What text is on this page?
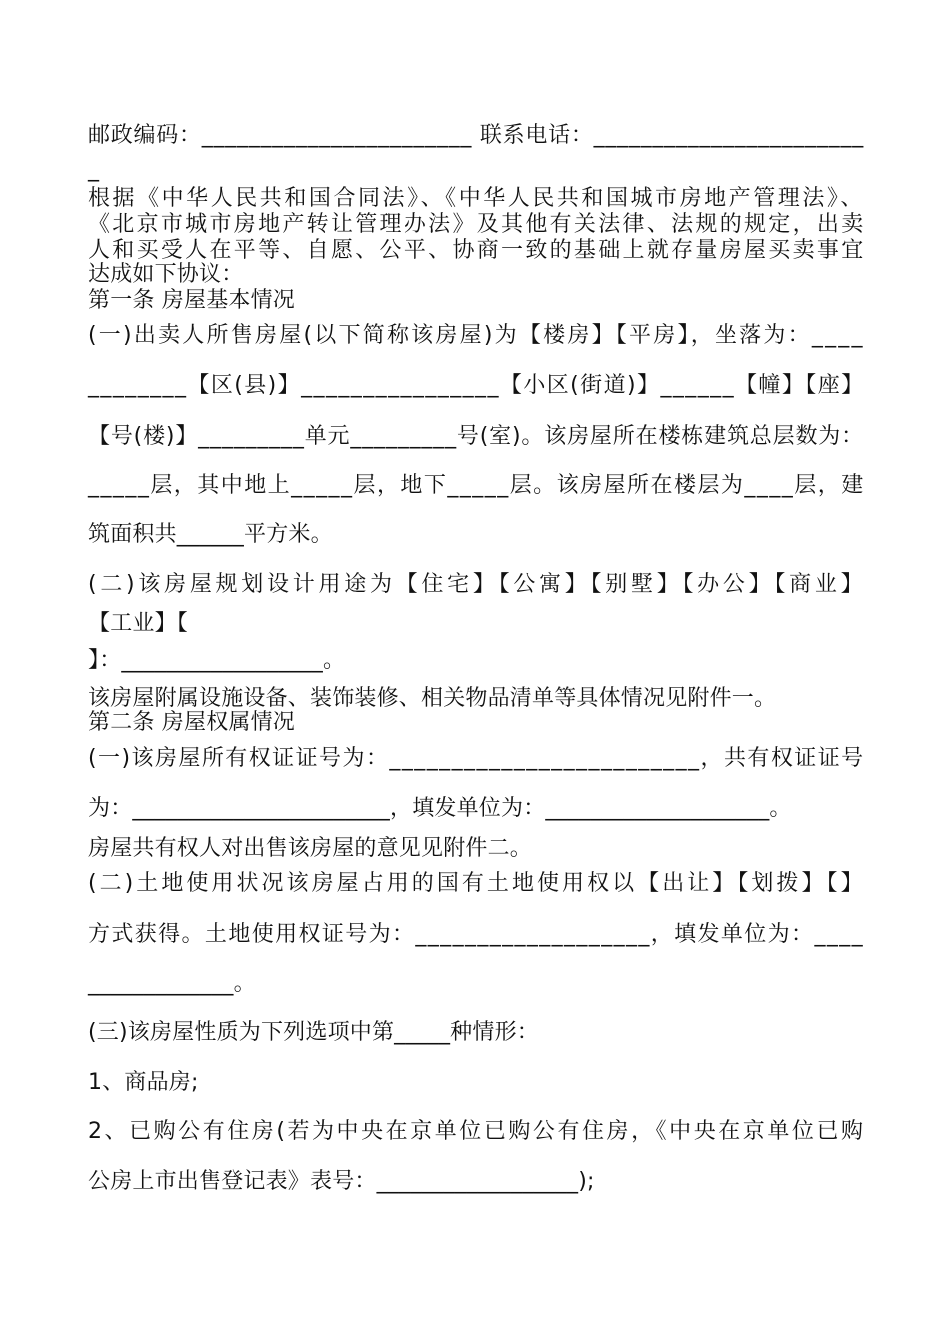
邮政编码：_______________________ 联系电话：_______________________
_
根据《中华人民共和国合同法》、《中华人民共和国城市房地产管理法》、
《北京市城市房地产转让管理办法》及其他有关法律、法规的规定，出卖
人和买受人在平等、自愿、公平、协商一致的基础上就存量房屋买卖事宜
达成如下协议：
第一条 房屋基本情况
(一)出卖人所售房屋(以下简称该房屋)为【楼房】【平房】，坐落为：____
________【区(县)】________________【小区(街道)】______【幢】【座】
【号(楼)】_________单元_________号(室)。该房屋所在楼栋建筑总层数为：
_____层，其中地上_____层，地下_____层。该房屋所在楼层为____层，建
筑面积共______平方米。
(二)该房屋规划设计用途为【住宅】【公寓】【别墅】【办公】【商业】
【工业】【
】：__________________。
该房屋附属设施设备、装饰装修、相关物品清单等具体情况见附件一。
第二条 房屋权属情况
(一)该房屋所有权证证号为：_________________________，共有权证证号
为：_______________________，填发单位为：____________________。
房屋共有权人对出售该房屋的意见见附件二。
(二)土地使用状况该房屋占用的国有土地使用权以【出让】【划拨】【】
方式获得。土地使用权证号为：___________________，填发单位为：____
_____________。
(三)该房屋性质为下列选项中第_____种情形：
1、商品房;
2、已购公有住房(若为中央在京单位已购公有住房，《中央在京单位已购
公房上市出售登记表》表号：__________________);
